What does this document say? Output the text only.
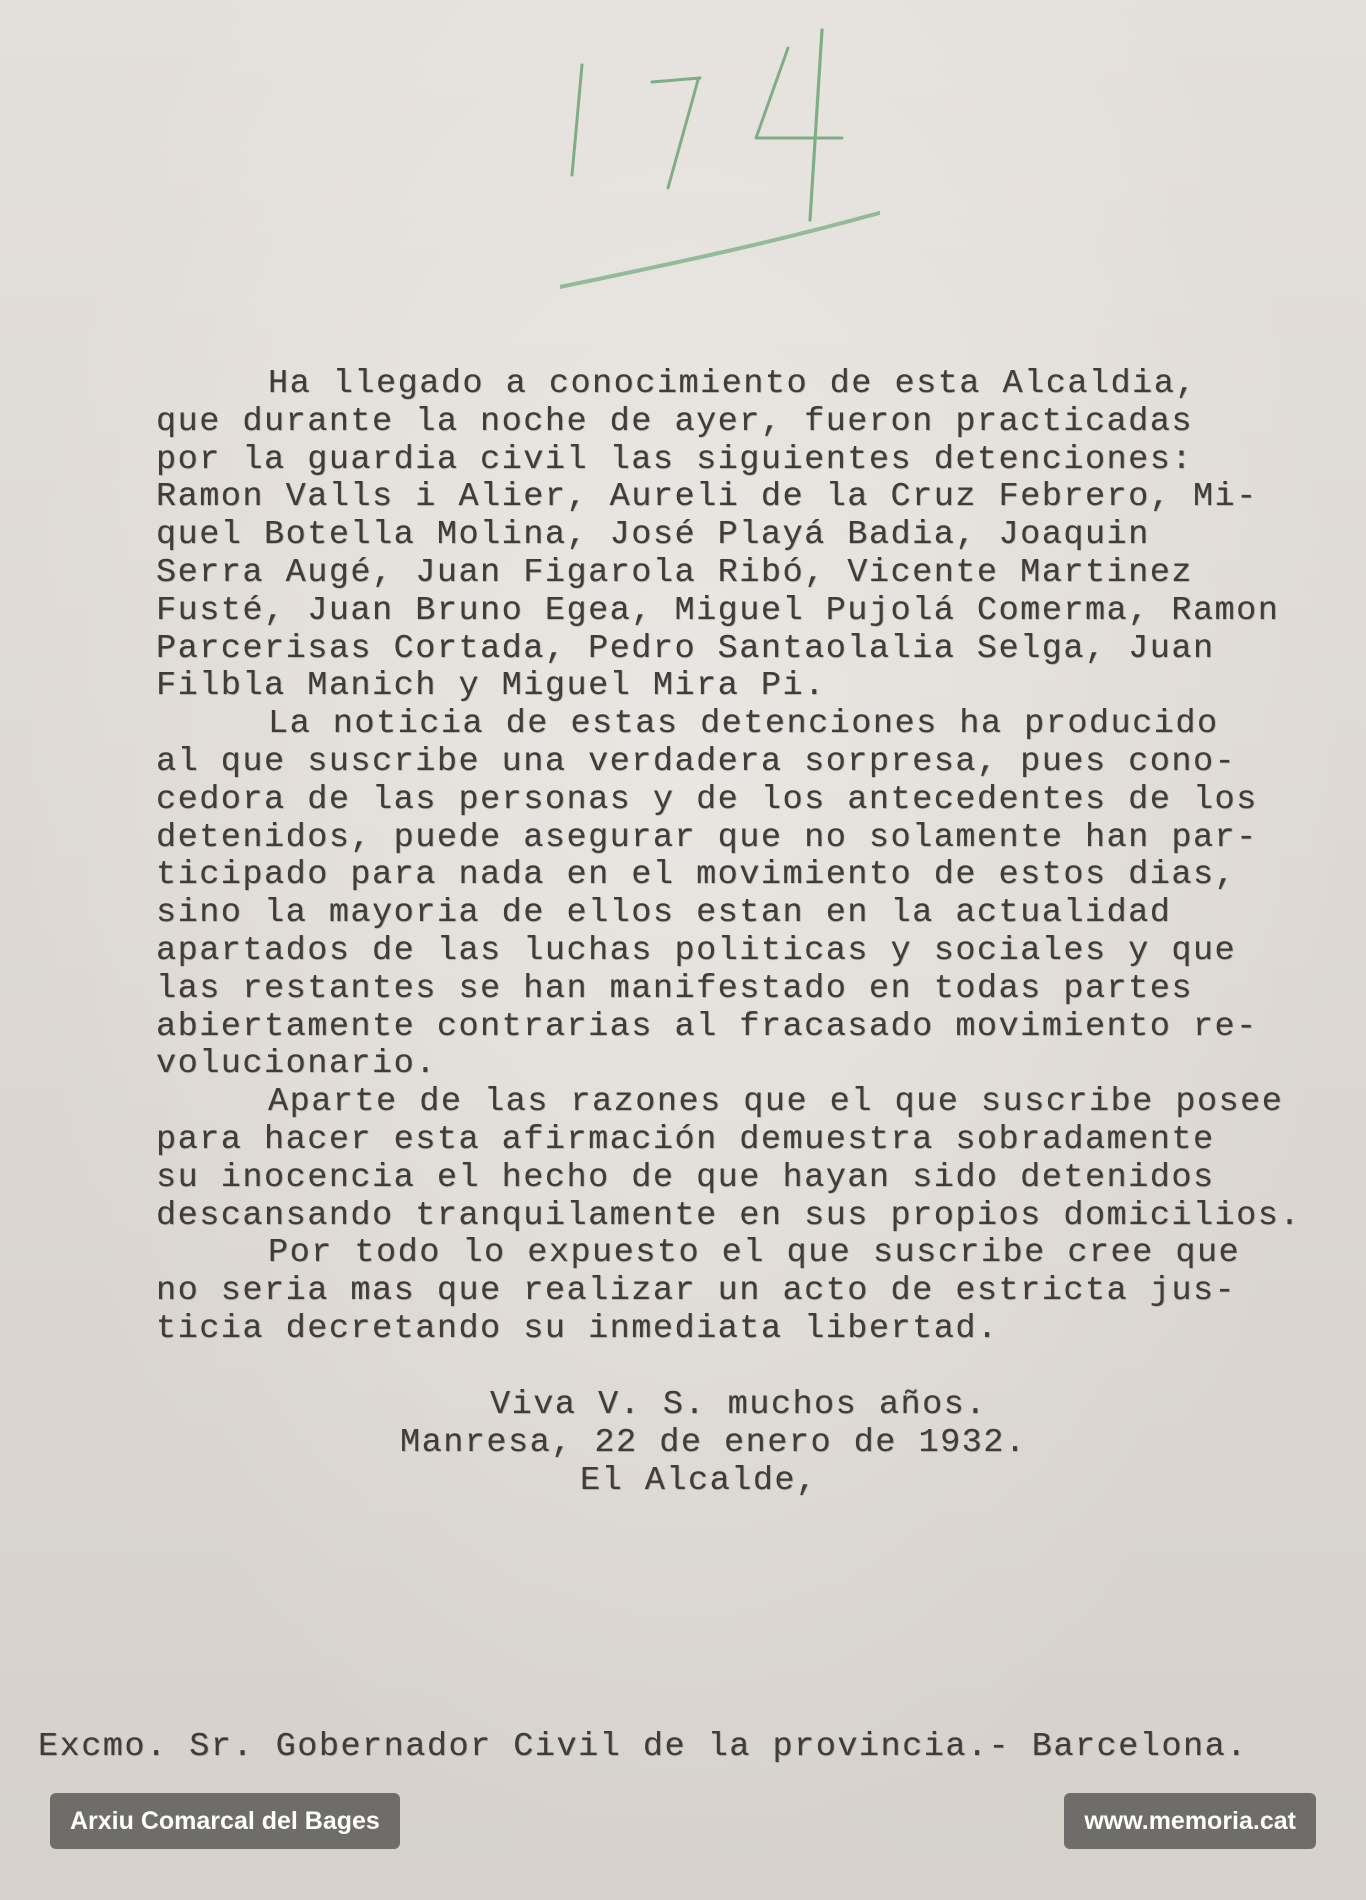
Ha llegado a conocimiento de esta Alcaldia,
que durante la noche de ayer, fueron practicadas
por la guardia civil las siguientes detenciones:
Ramon Valls i Alier, Aureli de la Cruz Febrero, Mi-
quel Botella Molina, José Playá Badia, Joaquin
Serra Augé, Juan Figarola Ribó, Vicente Martinez
Fusté, Juan Bruno Egea, Miguel Pujolá Comerma, Ramon
Parcerisas Cortada, Pedro Santaolalia Selga, Juan
Filbla Manich y Miguel Mira Pi.
La noticia de estas detenciones ha producido
al que suscribe una verdadera sorpresa, pues cono-
cedora de las personas y de los antecedentes de los
detenidos, puede asegurar que no solamente han par-
ticipado para nada en el movimiento de estos dias,
sino la mayoria de ellos estan en la actualidad
apartados de las luchas politicas y sociales y que
las restantes se han manifestado en todas partes
abiertamente contrarias al fracasado movimiento re-
volucionario.
Aparte de las razones que el que suscribe posee
para hacer esta afirmación demuestra sobradamente
su inocencia el hecho de que hayan sido detenidos
descansando tranquilamente en sus propios domicilios.
Por todo lo expuesto el que suscribe cree que
no seria mas que realizar un acto de estricta jus-
ticia decretando su inmediata libertad.
Viva V. S. muchos años.
Manresa, 22 de enero de 1932.
El Alcalde,
Excmo. Sr. Gobernador Civil de la provincia.- Barcelona.
Arxiu Comarcal del Bages	www.memoria.cat
